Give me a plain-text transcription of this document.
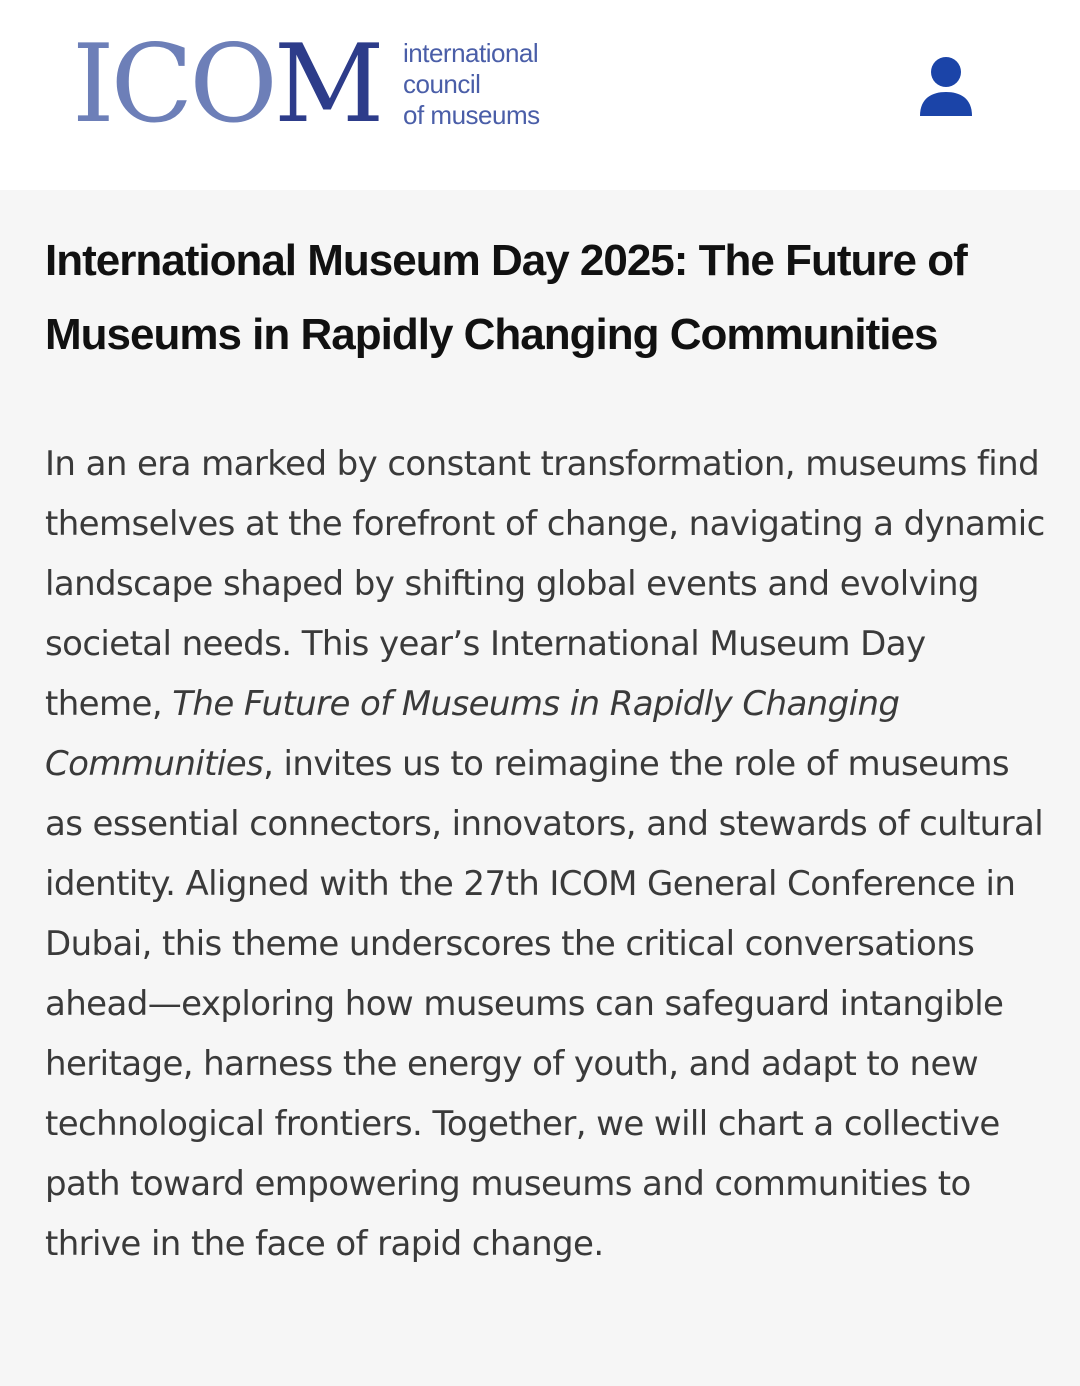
ICOM international
council
of museums
International Museum Day 2025: The Future of Museums in Rapidly Changing Communities

In an era marked by constant transformation, museums find themselves at the forefront of change, navigating a dynamic landscape shaped by shifting global events and evolving societal needs. This year’s International Museum Day theme, The Future of Museums in Rapidly Changing Communities, invites us to reimagine the role of museums as essential connectors, innovators, and stewards of cultural identity. Aligned with the 27th ICOM General Conference in Dubai, this theme underscores the critical conversations ahead—exploring how museums can safeguard intangible heritage, harness the energy of youth, and adapt to new technological frontiers. Together, we will chart a collective path toward empowering museums and communities to thrive in the face of rapid change.
